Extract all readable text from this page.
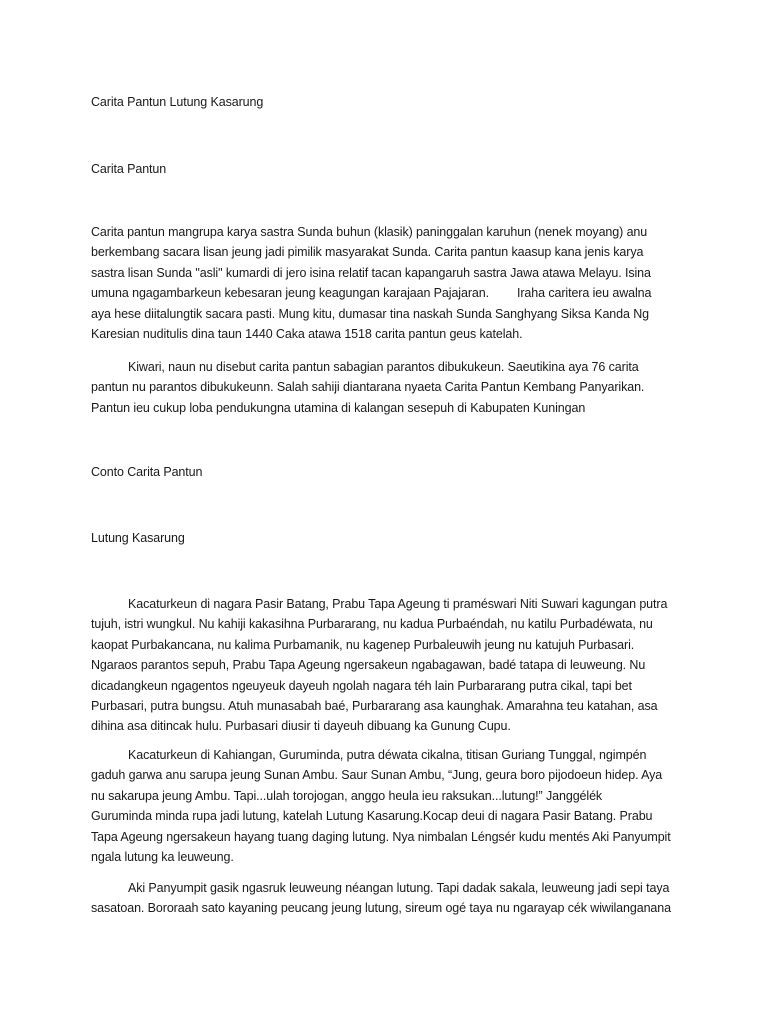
Carita Pantun Lutung Kasarung
Carita Pantun
Carita pantun mangrupa karya sastra Sunda buhun (klasik) paninggalan karuhun (nenek moyang) anu
berkembang sacara lisan jeung jadi pimilik masyarakat Sunda. Carita pantun kaasup kana jenis karya
sastra lisan Sunda "asli" kumardi di jero isina relatif tacan kapangaruh sastra Jawa atawa Melayu. Isina
umuna ngagambarkeun kebesaran jeung keagungan karajaan Pajajaran. Iraha caritera ieu awalna
aya hese diitalungtik sacara pasti. Mung kitu, dumasar tina naskah Sunda Sanghyang Siksa Kanda Ng
Karesian nuditulis dina taun 1440 Caka atawa 1518 carita pantun geus katelah.
Kiwari, naun nu disebut carita pantun sabagian parantos dibukukeun. Saeutikina aya 76 carita
pantun nu parantos dibukukeunn. Salah sahiji diantarana nyaeta Carita Pantun Kembang Panyarikan.
Pantun ieu cukup loba pendukungna utamina di kalangan sesepuh di Kabupaten Kuningan
Conto Carita Pantun
Lutung Kasarung
Kacaturkeun di nagara Pasir Batang, Prabu Tapa Ageung ti praméswari Niti Suwari kagungan putra
tujuh, istri wungkul. Nu kahiji kakasihna Purbararang, nu kadua Purbaéndah, nu katilu Purbadéwata, nu
kaopat Purbakancana, nu kalima Purbamanik, nu kagenep Purbaleuwih jeung nu katujuh Purbasari.
Ngaraos parantos sepuh, Prabu Tapa Ageung ngersakeun ngabagawan, badé tatapa di leuweung. Nu
dicadangkeun ngagentos ngeuyeuk dayeuh ngolah nagara téh lain Purbararang putra cikal, tapi bet
Purbasari, putra bungsu. Atuh munasabah baé, Purbararang asa kaunghak. Amarahna teu katahan, asa
dihina asa ditincak hulu. Purbasari diusir ti dayeuh dibuang ka Gunung Cupu.
Kacaturkeun di Kahiangan, Guruminda, putra déwata cikalna, titisan Guriang Tunggal, ngimpén
gaduh garwa anu sarupa jeung Sunan Ambu. Saur Sunan Ambu, “Jung, geura boro pijodoeun hidep. Aya
nu sakarupa jeung Ambu. Tapi...ulah torojogan, anggo heula ieu raksukan...lutung!” Janggélék
Guruminda minda rupa jadi lutung, katelah Lutung Kasarung.Kocap deui di nagara Pasir Batang. Prabu
Tapa Ageung ngersakeun hayang tuang daging lutung. Nya nimbalan Léngsér kudu mentés Aki Panyumpit
ngala lutung ka leuweung.
Aki Panyumpit gasik ngasruk leuweung néangan lutung. Tapi dadak sakala, leuweung jadi sepi taya
sasatoan. Bororaah sato kayaning peucang jeung lutung, sireum ogé taya nu ngarayap cék wiwilanganana
